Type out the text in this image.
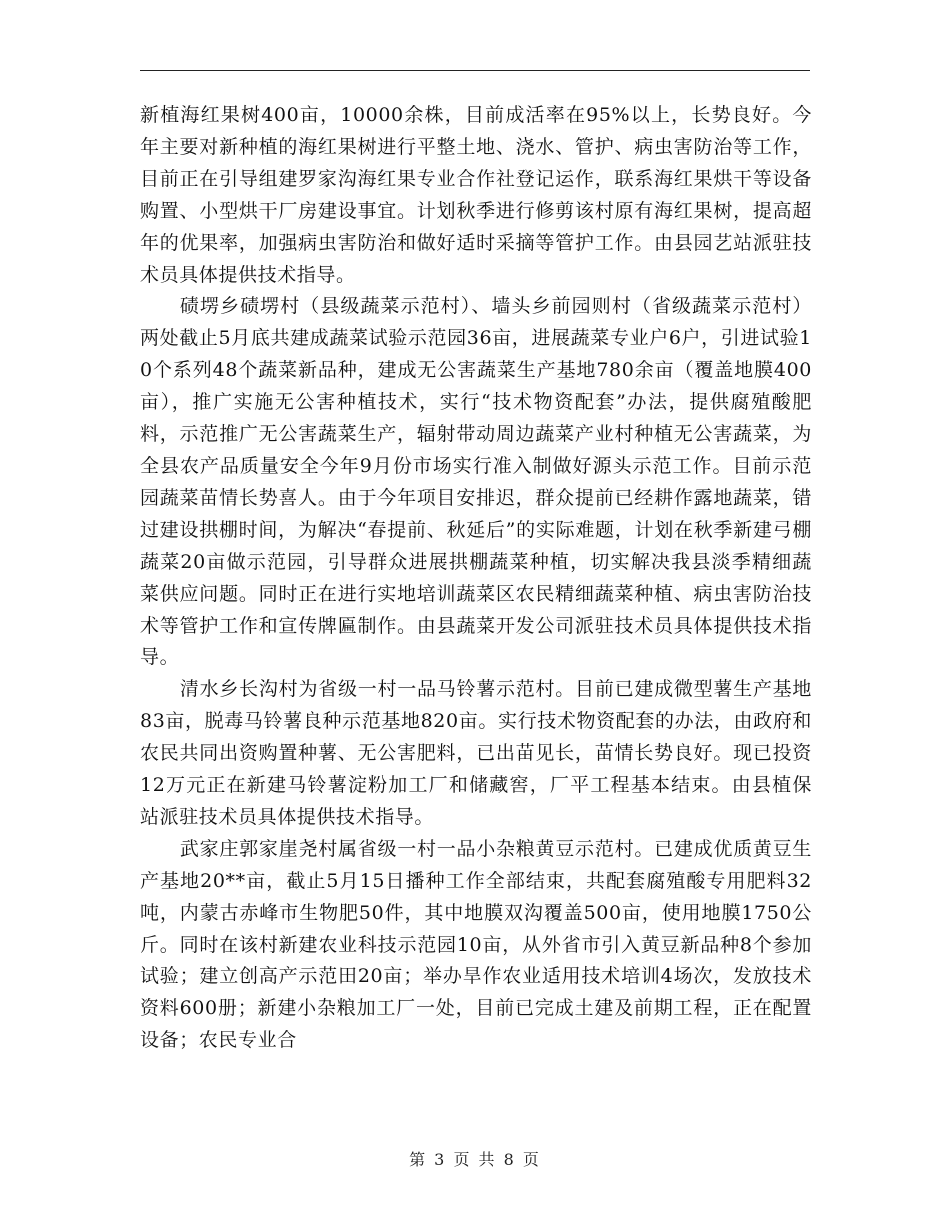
新植海红果树400亩，10000余株，目前成活率在95%以上，长势良好。今年主要对新种植的海红果树进行平整土地、浇水、管护、病虫害防治等工作，目前正在引导组建罗家沟海红果专业合作社登记运作，联系海红果烘干等设备购置、小型烘干厂房建设事宜。计划秋季进行修剪该村原有海红果树，提高超年的优果率，加强病虫害防治和做好适时采摘等管护工作。由县园艺站派驻技术员具体提供技术指导。

碛塄乡碛塄村（县级蔬菜示范村）、墙头乡前园则村（省级蔬菜示范村）两处截止5月底共建成蔬菜试验示范园36亩，进展蔬菜专业户6户，引进试验10个系列48个蔬菜新品种，建成无公害蔬菜生产基地780余亩（覆盖地膜400亩），推广实施无公害种植技术，实行“技术物资配套”办法，提供腐殖酸肥料，示范推广无公害蔬菜生产，辐射带动周边蔬菜产业村种植无公害蔬菜，为全县农产品质量安全今年9月份市场实行准入制做好源头示范工作。目前示范园蔬菜苗情长势喜人。由于今年项目安排迟，群众提前已经耕作露地蔬菜，错过建设拱棚时间，为解决“春提前、秋延后”的实际难题，计划在秋季新建弓棚蔬菜20亩做示范园，引导群众进展拱棚蔬菜种植，切实解决我县淡季精细蔬菜供应问题。同时正在进行实地培训蔬菜区农民精细蔬菜种植、病虫害防治技术等管护工作和宣传牌匾制作。由县蔬菜开发公司派驻技术员具体提供技术指导。

清水乡长沟村为省级一村一品马铃薯示范村。目前已建成微型薯生产基地83亩，脱毒马铃薯良种示范基地820亩。实行技术物资配套的办法，由政府和农民共同出资购置种薯、无公害肥料，已出苗见长，苗情长势良好。现已投资12万元正在新建马铃薯淀粉加工厂和储藏窖，厂平工程基本结束。由县植保站派驻技术员具体提供技术指导。

武家庄郭家崖尧村属省级一村一品小杂粮黄豆示范村。已建成优质黄豆生产基地20**亩，截止5月15日播种工作全部结束，共配套腐殖酸专用肥料32吨，内蒙古赤峰市生物肥50件，其中地膜双沟覆盖500亩，使用地膜1750公斤。同时在该村新建农业科技示范园10亩，从外省市引入黄豆新品种8个参加试验；建立创高产示范田20亩；举办旱作农业适用技术培训4场次，发放技术资料600册；新建小杂粮加工厂一处，目前已完成土建及前期工程，正在配置设备；农民专业合

第 3 页 共 8 页
